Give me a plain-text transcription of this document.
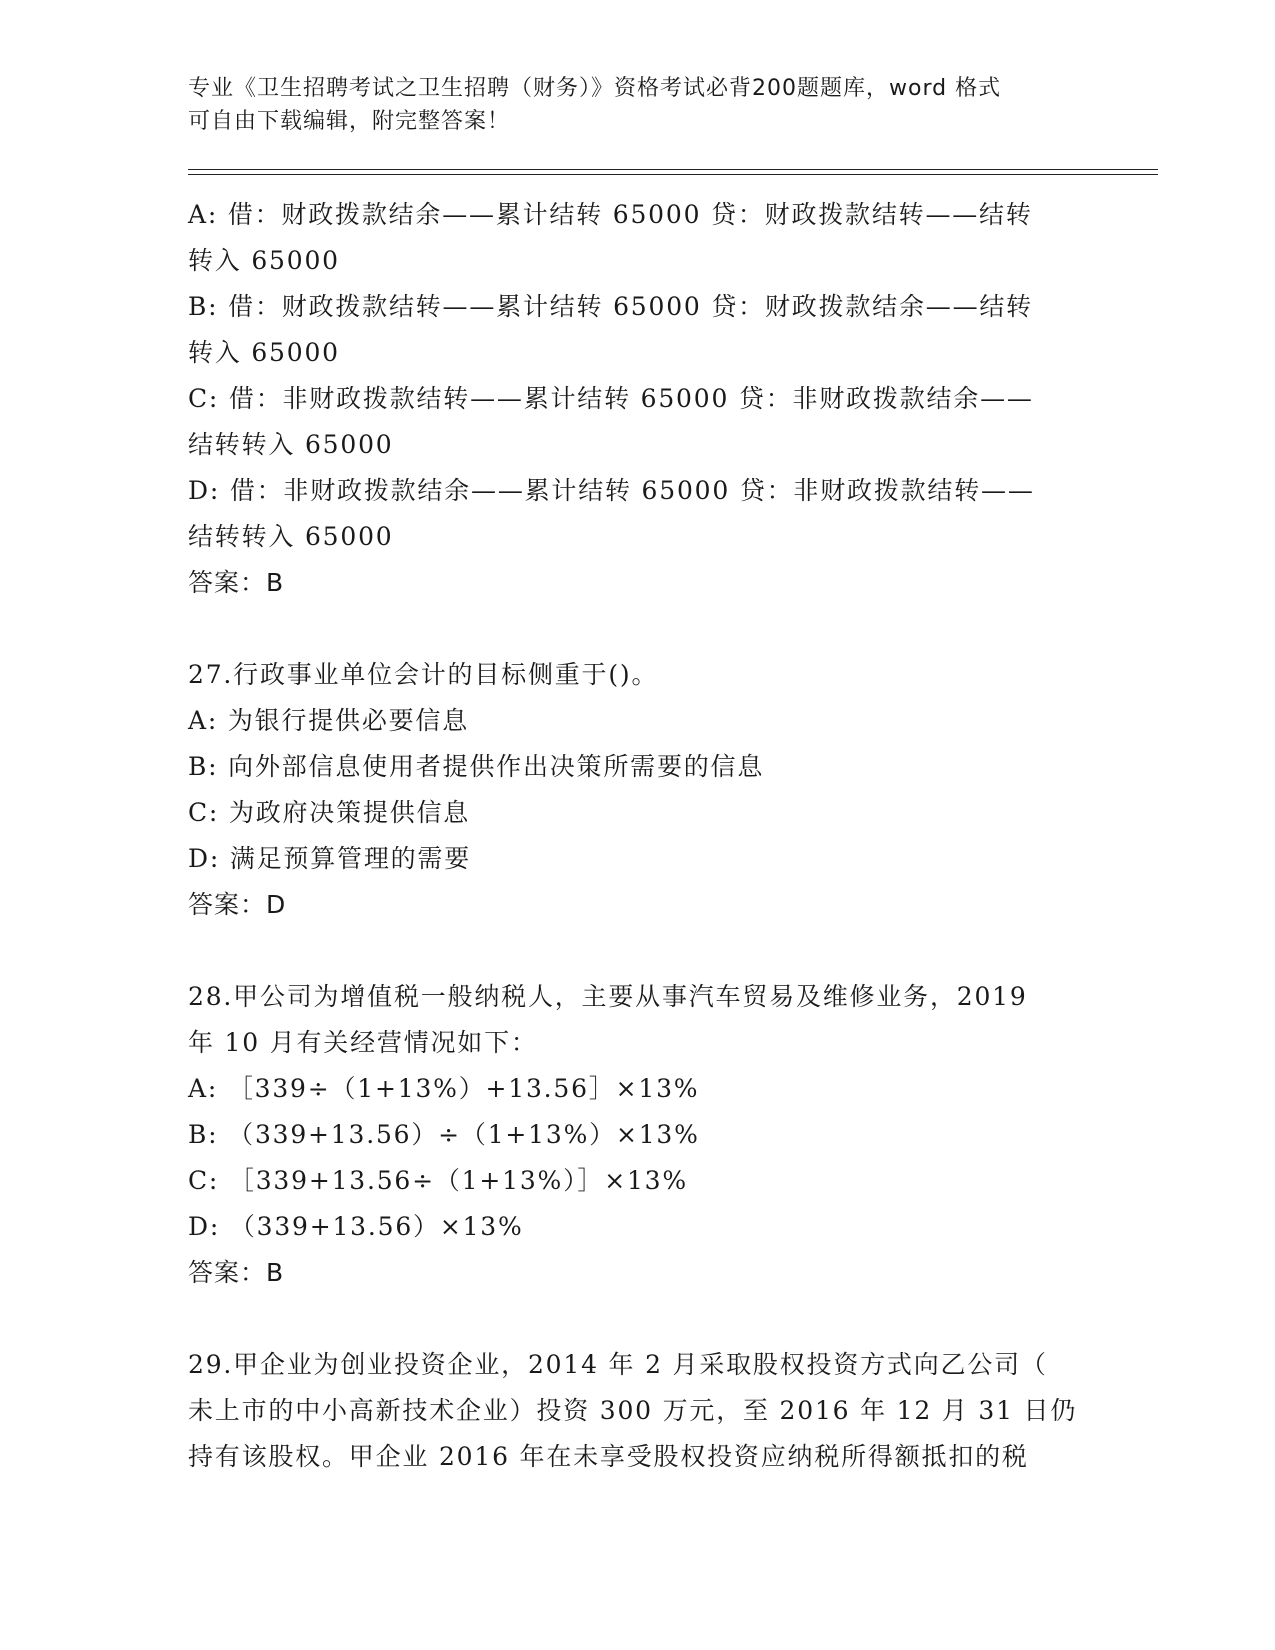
专业《卫生招聘考试之卫生招聘（财务）》资格考试必背200题题库，word 格式
可自由下载编辑，附完整答案！
A: 借：财政拨款结余——累计结转 65000 贷：财政拨款结转——结转
转入 65000
B: 借：财政拨款结转——累计结转 65000 贷：财政拨款结余——结转
转入 65000
C: 借：非财政拨款结转——累计结转 65000 贷：非财政拨款结余——
结转转入 65000
D: 借：非财政拨款结余——累计结转 65000 贷：非财政拨款结转——
结转转入 65000
答案：B
27.行政事业单位会计的目标侧重于()。
A: 为银行提供必要信息
B: 向外部信息使用者提供作出决策所需要的信息
C: 为政府决策提供信息
D: 满足预算管理的需要
答案：D
28.甲公司为增值税一般纳税人，主要从事汽车贸易及维修业务，2019
年 10 月有关经营情况如下：
A: ［339÷（1+13%）+13.56］×13%
B: （339+13.56）÷（1+13%）×13%
C: ［339+13.56÷（1+13%）］×13%
D: （339+13.56）×13%
答案：B
29.甲企业为创业投资企业，2014 年 2 月采取股权投资方式向乙公司（
未上市的中小高新技术企业）投资 300 万元，至 2016 年 12 月 31 日仍
持有该股权。甲企业 2016 年在未享受股权投资应纳税所得额抵扣的税
